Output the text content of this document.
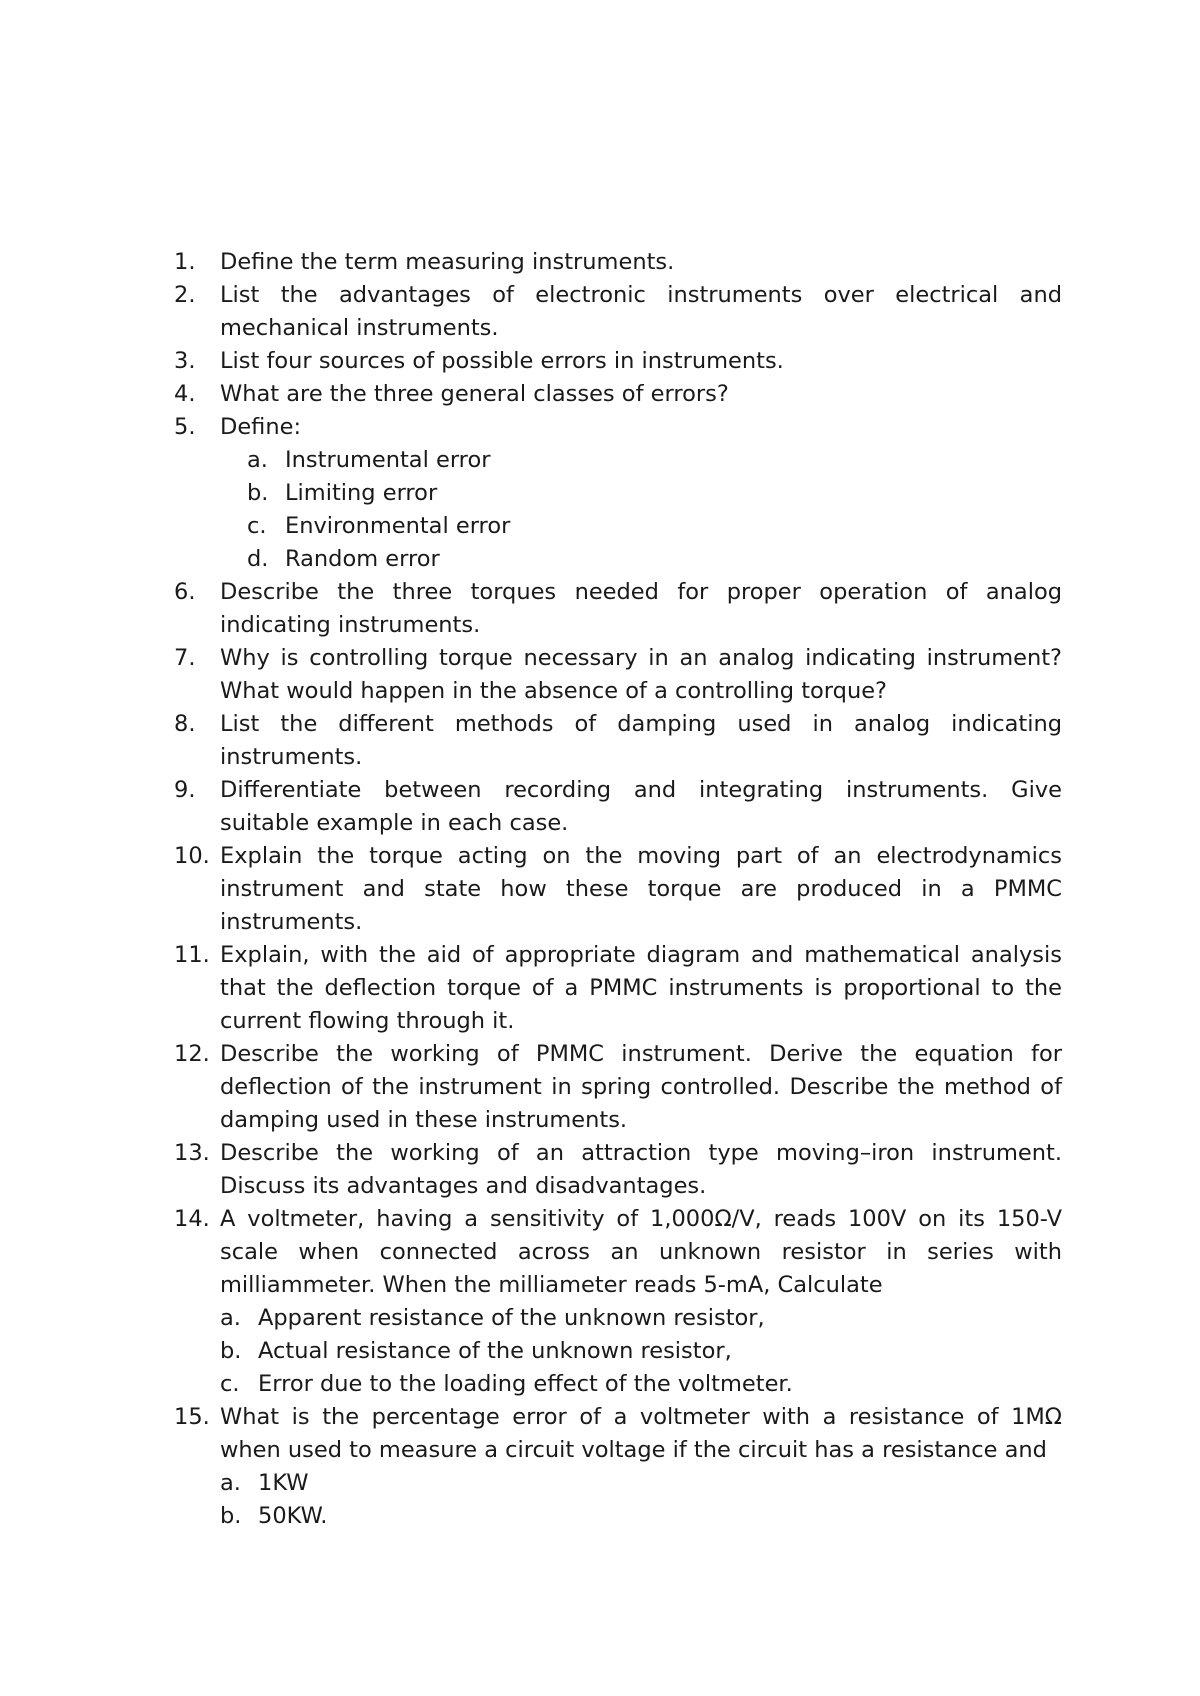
1.	Define the term measuring instruments.
2.	List the advantages of electronic instruments over electrical and mechanical instruments.
3.	List four sources of possible errors in instruments.
4.	What are the three general classes of errors?
5.	Define:
a. Instrumental error
b. Limiting error
c. Environmental error
d. Random error
6.	Describe the three torques needed for proper operation of analog indicating instruments.
7.	Why is controlling torque necessary in an analog indicating instrument? What would happen in the absence of a controlling torque?
8.	List the different methods of damping used in analog indicating instruments.
9.	Differentiate between recording and integrating instruments. Give suitable example in each case.
10. Explain the torque acting on the moving part of an electrodynamics instrument and state how these torque are produced in a PMMC instruments.
11. Explain, with the aid of appropriate diagram and mathematical analysis that the deflection torque of a PMMC instruments is proportional to the current flowing through it.
12. Describe the working of PMMC instrument. Derive the equation for deflection of the instrument in spring controlled. Describe the method of damping used in these instruments.
13. Describe the working of an attraction type moving–iron instrument. Discuss its advantages and disadvantages.
14. A voltmeter, having a sensitivity of 1,000Ω/V, reads 100V on its 150-V scale when connected across an unknown resistor in series with milliammeter. When the milliameter reads 5-mA, Calculate
a. Apparent resistance of the unknown resistor,
b. Actual resistance of the unknown resistor,
c. Error due to the loading effect of the voltmeter.
15. What is the percentage error of a voltmeter with a resistance of 1MΩ when used to measure a circuit voltage if the circuit has a resistance and
a. 1KW
b. 50KW.
